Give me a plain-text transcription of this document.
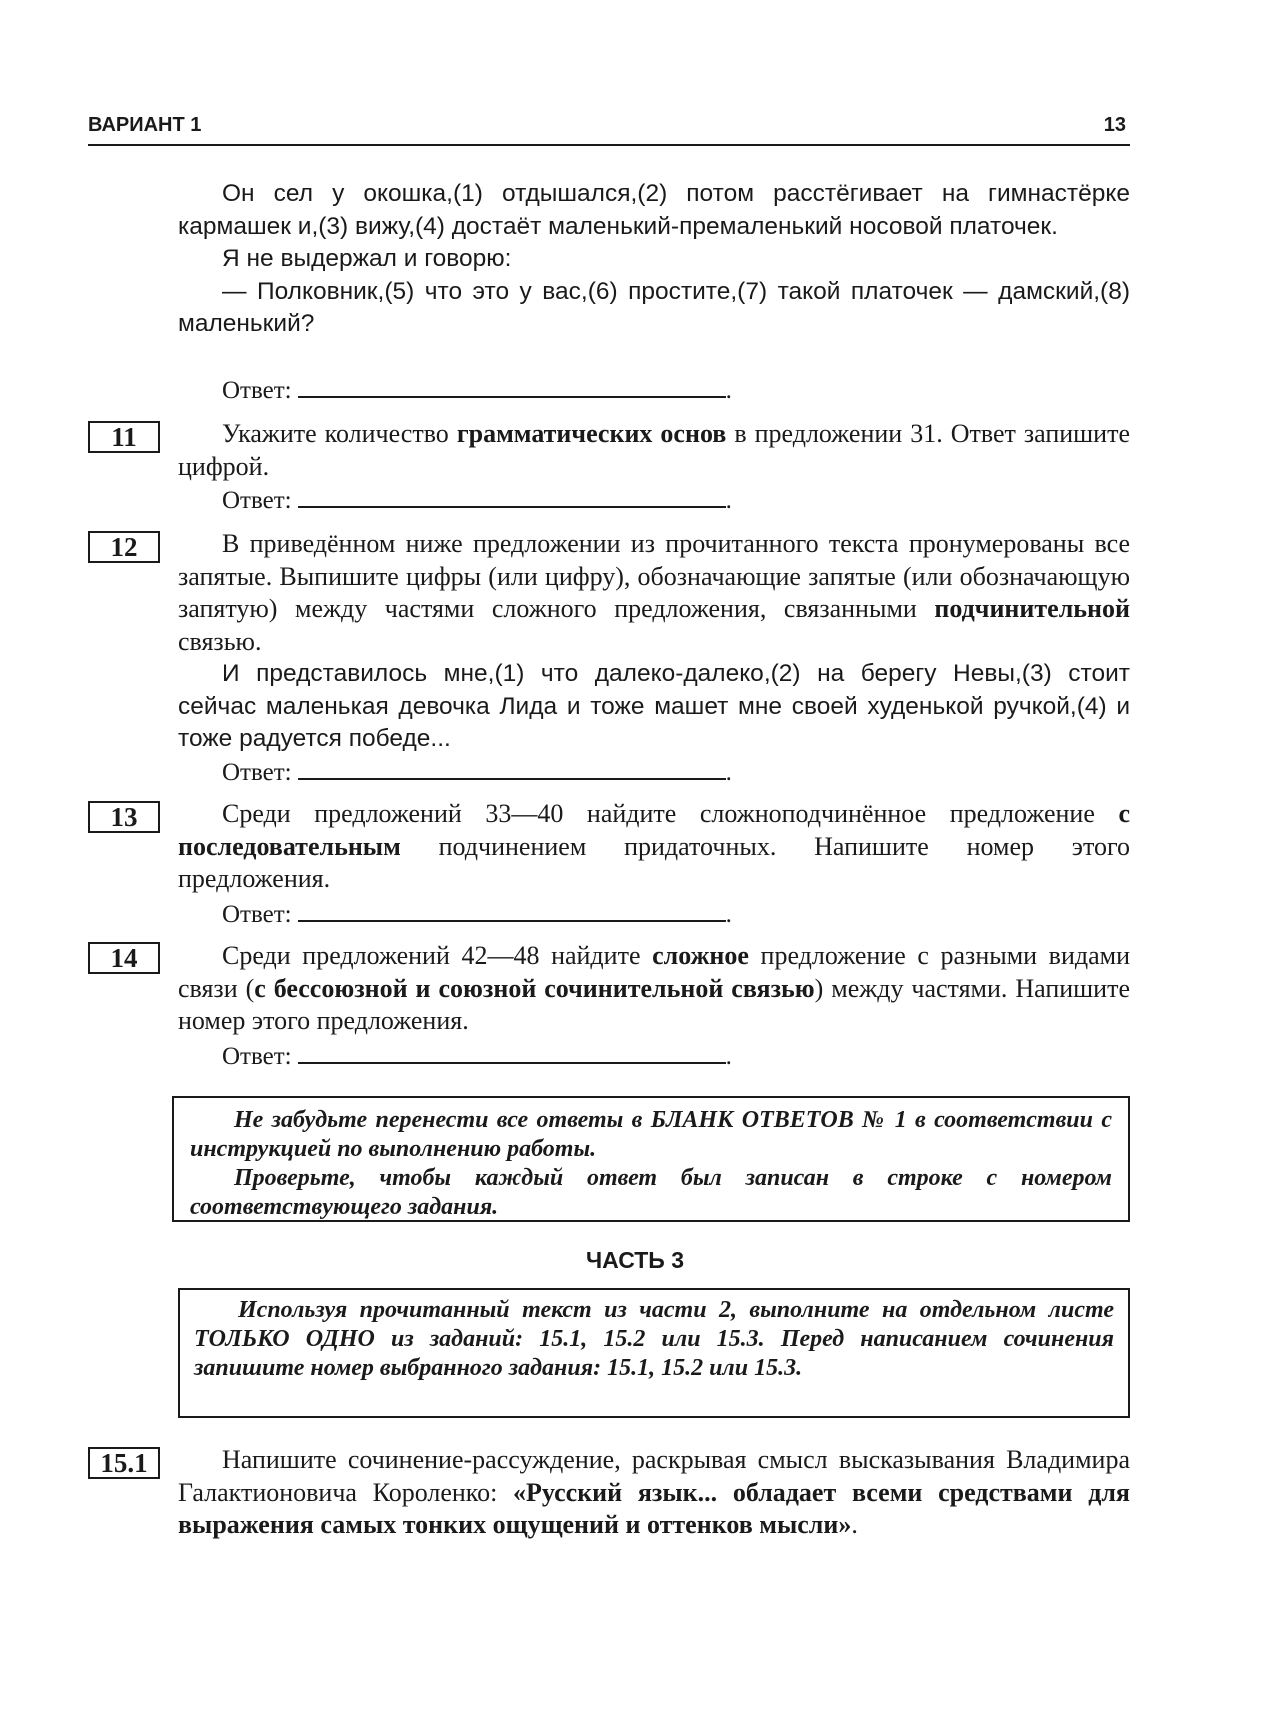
ВАРИАНТ 1	13

Он сел у окошка,(1) отдышался,(2) потом расстёгивает на гимнастёрке кармашек и,(3) вижу,(4) достаёт маленький-премаленький носовой платочек.

Я не выдержал и говорю:

— Полковник,(5) что это у вас,(6) простите,(7) такой платочек — дамский,(8) маленький?

Ответ:	.
11	Укажите количество грамматических основ в предложении 31. Ответ запишите цифрой.

Ответ:	.
12	В приведённом ниже предложении из прочитанного текста пронумерованы все запятые. Выпишите цифры (или цифру), обозначающие запятые (или обозначающую запятую) между частями сложного предложения, связанными подчинительной связью.

И представилось мне,(1) что далеко-далеко,(2) на берегу Невы,(3) стоит сейчас маленькая девочка Лида и тоже машет мне своей худенькой ручкой,(4) и тоже радуется победе...

Ответ:	.
13	Среди предложений 33—40 найдите сложноподчинённое предложение с последовательным подчинением придаточных. Напишите номер этого предложения.

Ответ:	.
14	Среди предложений 42—48 найдите сложное предложение с разными видами связи (с бессоюзной и союзной сочинительной связью) между частями. Напишите номер этого предложения.

Ответ:	.

Не забудьте перенести все ответы в БЛАНК ОТВЕТОВ № 1 в соответствии с инструкцией по выполнению работы.

Проверьте, чтобы каждый ответ был записан в строке с номером соответствующего задания.

ЧАСТЬ 3

Используя прочитанный текст из части 2, выполните на отдельном листе ТОЛЬКО ОДНО из заданий: 15.1, 15.2 или 15.3. Перед написанием сочинения запишите номер выбранного задания: 15.1, 15.2 или 15.3.

15.1	Напишите сочинение-рассуждение, раскрывая смысл высказывания Владимира Галактионовича Короленко: «Русский язык... обладает всеми средствами для выражения самых тонких ощущений и оттенков мысли».
